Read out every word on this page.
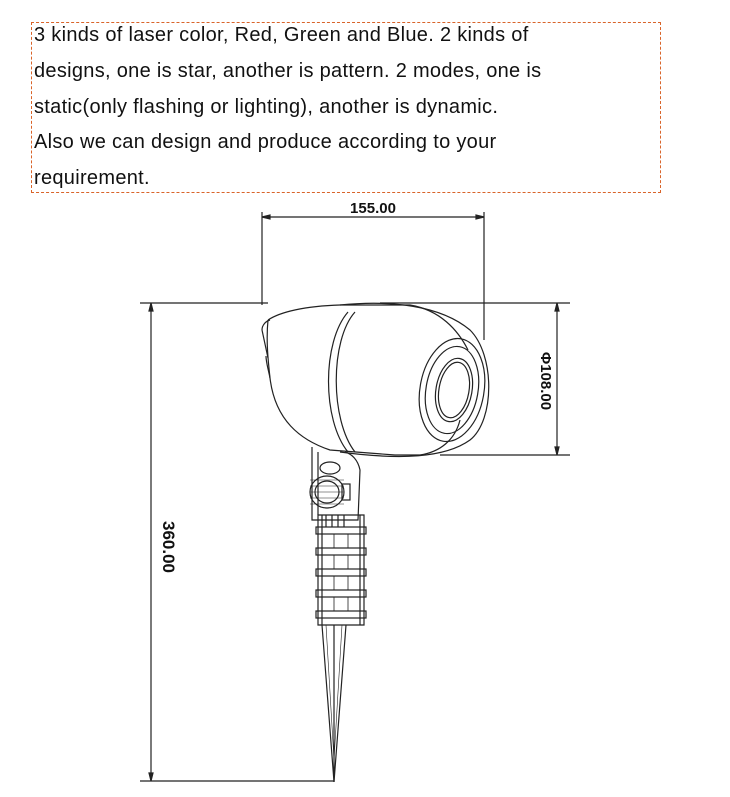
3 kinds of laser color, Red, Green and Blue. 2 kinds of
designs, one is star, another is pattern. 2 modes, one is
static(only flashing or lighting), another is dynamic.
Also we can design and produce according to your
requirement.
155.00
Φ108.00
360.00
